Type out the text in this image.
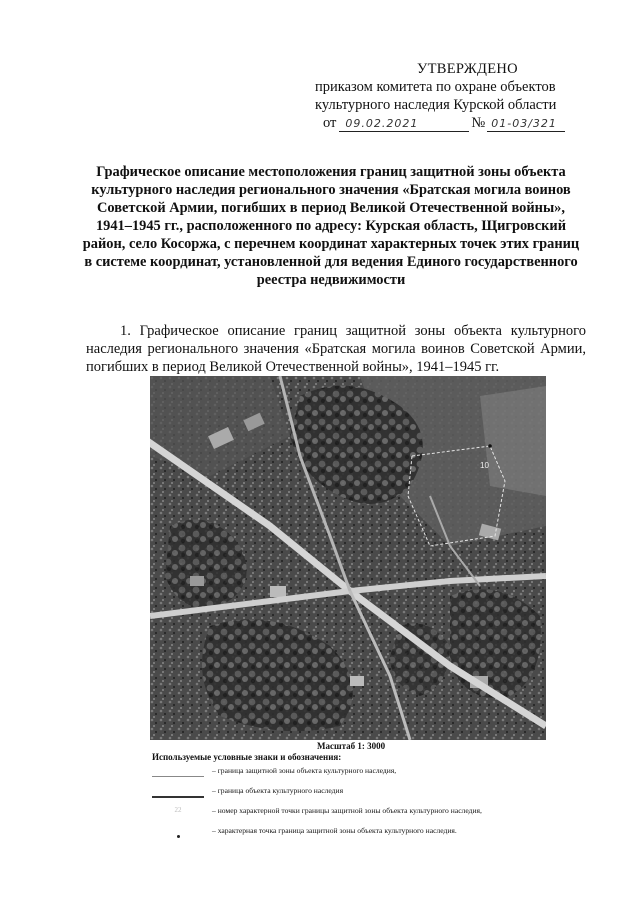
УТВЕРЖДЕНО
приказом комитета по охране объектов
культурного наследия Курской области
от 09.02.2021	№ 01-03/321
Графическое описание местоположения границ защитной зоны объекта культурного наследия регионального значения «Братская могила воинов Советской Армии, погибших в период Великой Отечественной войны», 1941–1945 гг., расположенного по адресу: Курская область, Щигровский район, село Косоржа, с перечнем координат характерных точек этих границ в системе координат, установленной для ведения Единого государственного реестра недвижимости
1. Графическое описание границ защитной зоны объекта культурного наследия регионального значения «Братская могила воинов Советской Армии, погибших в период Великой Отечественной войны», 1941–1945 гг.
10
Масштаб 1: 3000
Используемые условные знаки и обозначения:
– граница защитной зоны объекта культурного наследия,
– граница объекта культурного наследия
22	– номер характерной точки границы защитной зоны объекта культурного наследия,
– характерная точка граница защитной зоны объекта культурного наследия.
